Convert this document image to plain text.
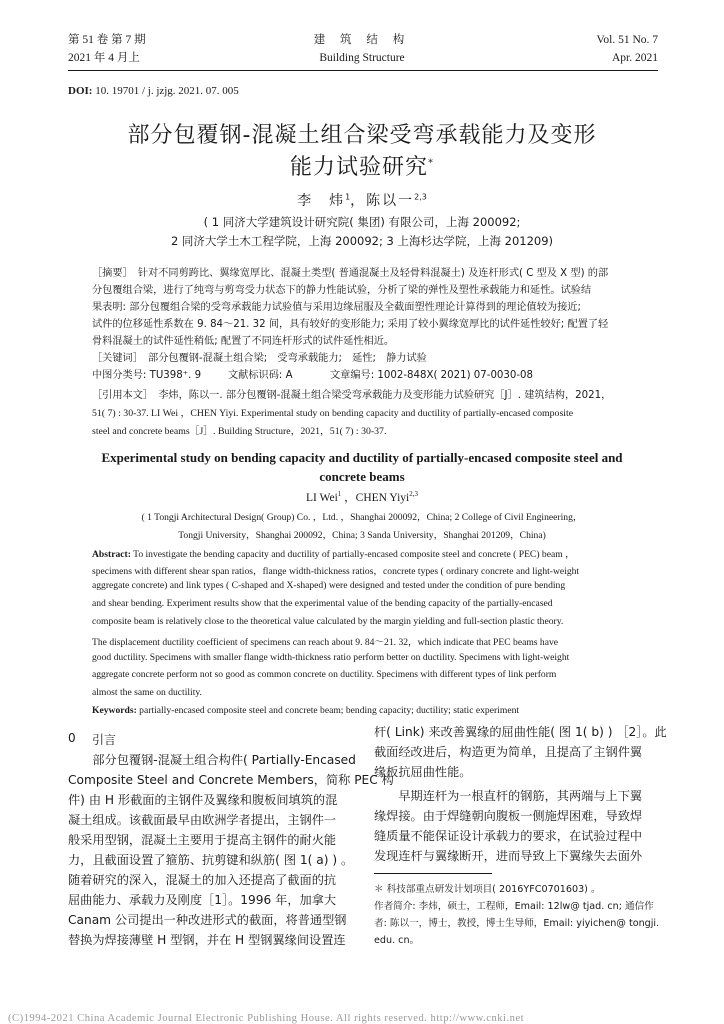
第 51 卷 第 7 期
2021 年 4 月上
建 筑 结 构
Building Structure
Vol. 51 No. 7
Apr. 2021
DOI: 10. 19701 / j. jzjg. 2021. 07. 005
部分包覆钢-混凝土组合梁受弯承载能力及变形
能力试验研究*
李　炜$^1$，陈以一$^{2,3}$
( 1 同济大学建筑设计研究院( 集团) 有限公司，上海 200092;
2 同济大学土木工程学院，上海 200092; 3 上海杉达学院，上海 201209)
［摘要］　针对不同剪跨比、翼缘宽厚比、混凝土类型( 普通混凝土及轻骨料混凝土) 及连杆形式( C 型及 X 型) 的部
分包覆组合梁，进行了纯弯与剪弯受力状态下的静力性能试验，分析了梁的弹性及塑性承载能力和延性。试验结
果表明: 部分包覆组合梁的受弯承载能力试验值与采用边缘屈服及全截面塑性理论计算得到的理论值较为接近;
试件的位移延性系数在 9. 84～21. 32 间，具有较好的变形能力; 采用了较小翼缘宽厚比的试件延性较好; 配置了轻
骨料混凝土的试件延性稍低; 配置了不同连杆形式的试件延性相近。
［关键词］　部分包覆钢-混凝土组合梁;　受弯承载能力;　延性;　静力试验
中图分类号: TU398⁺. 9	文献标识码: A	文章编号: 1002-848X( 2021) 07-0030-08
［引用本文］　李炜，陈以一. 部分包覆钢-混凝土组合梁受弯承载能力及变形能力试验研究［J］. 建筑结构，2021，
51( 7) : 30-37. LI Wei ，CHEN Yiyi. Experimental study on bending capacity and ductility of partially-encased composite
steel and concrete beams［J］. Building Structure，2021，51( 7) : 30-37.
Experimental study on bending capacity and ductility of partially-encased composite steel and
concrete beams
LI Wei$^1$ ，CHEN Yiyi$^{2,3}$
( 1 Tongji Architectural Design( Group) Co. ，Ltd. ，Shanghai 200092，China; 2 College of Civil Engineering，
Tongji University，Shanghai 200092，China; 3 Sanda University，Shanghai 201209，China)
Abstract: To investigate the bending capacity and ductility of partially-encased composite steel and concrete ( PEC) beam ，
specimens with different shear span ratios，flange width-thickness ratios，concrete types ( ordinary concrete and light-weight
aggregate concrete) and link types ( C-shaped and X-shaped) were designed and tested under the condition of pure bending
and shear bending. Experiment results show that the experimental value of the bending capacity of the partially-encased
composite beam is relatively close to the theoretical value calculated by the margin yielding and full-section plastic theory.
The displacement ductility coefficient of specimens can reach about 9. 84～21. 32，which indicate that PEC beams have
good ductility. Specimens with smaller flange width-thickness ratio perform better on ductility. Specimens with light-weight
aggregate concrete perform not so good as common concrete on ductility. Specimens with different types of link perform
almost the same on ductility.
Keywords: partially-encased composite steel and concrete beam; bending capacity; ductility; static experiment
0 引言
　　部分包覆钢-混凝土组合构件( Partially-Encased
Composite Steel and Concrete Members，简称 PEC 构
件) 由 H 形截面的主钢件及翼缘和腹板间填筑的混
凝土组成。该截面最早由欧洲学者提出，主钢件一
般采用型钢，混凝土主要用于提高主钢件的耐火能
力，且截面设置了箍筋、抗剪键和纵筋( 图 1( a) ) 。
随着研究的深入，混凝土的加入还提高了截面的抗
屈曲能力、承载力及刚度［1］。1996 年，加拿大
Canam 公司提出一种改进形式的截面，将普通型钢
替换为焊接薄壁 H 型钢，并在 H 型钢翼缘间设置连
杆( Link) 来改善翼缘的屈曲性能( 图 1( b) ) ［2］。此
截面经改进后，构造更为简单，且提高了主钢件翼
缘板抗屈曲性能。
　　早期连杆为一根直杆的钢筋，其两端与上下翼
缘焊接。由于焊缝朝向腹板一侧施焊困难，导致焊
缝质量不能保证设计承载力的要求，在试验过程中
发现连杆与翼缘断开，进而导致上下翼缘失去面外
＊ 科技部重点研发计划项目( 2016YFC0701603) 。
作者简介: 李炜，硕士，工程师，Email: 12lw@ tjad. cn; 通信作
者: 陈以一，博士，教授，博士生导师，Email: yiyichen@ tongji.
edu. cn。
(C)1994-2021 China Academic Journal Electronic Publishing House. All rights reserved. http://www.cnki.net
